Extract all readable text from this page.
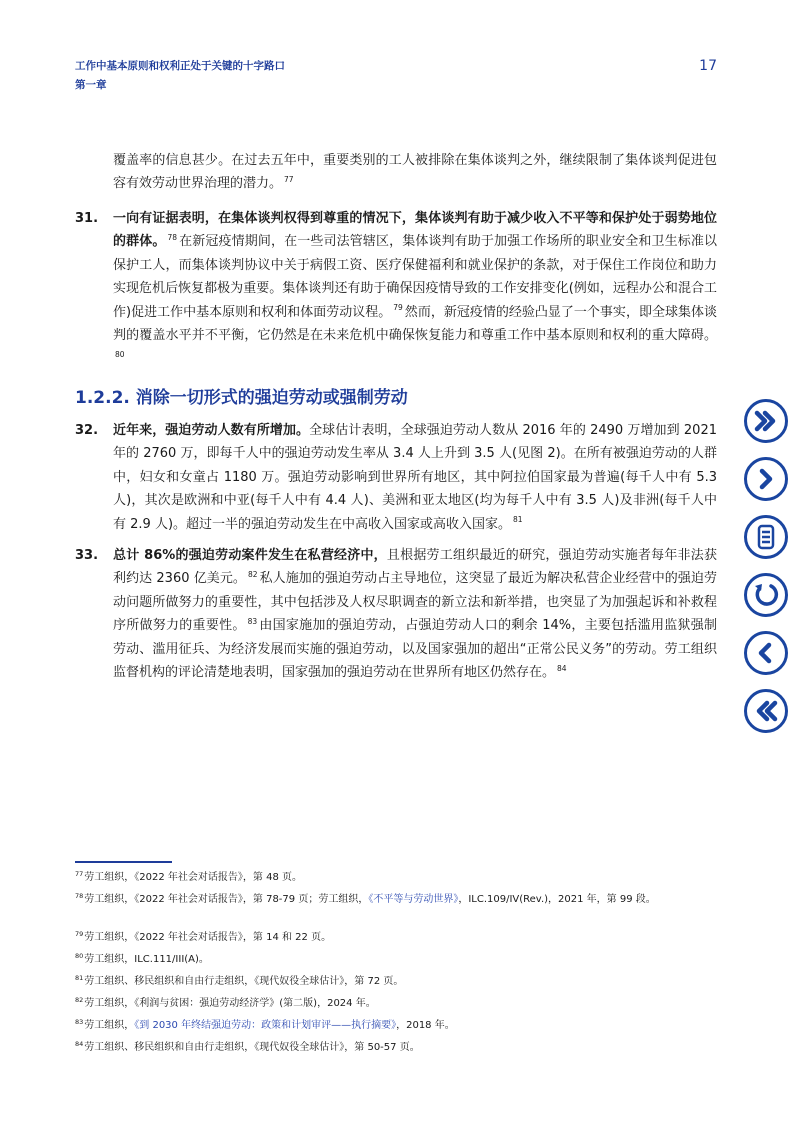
工作中基本原则和权利正处于关键的十字路口
第一章
17
覆盖率的信息甚少。在过去五年中，重要类别的工人被排除在集体谈判之外，继续限制了集体谈判促进包容有效劳动世界治理的潜力。 $^{77}$
31. 一向有证据表明，在集体谈判权得到尊重的情况下，集体谈判有助于减少收入不平等和保护处于弱势地位的群体。 $^{78}$ 在新冠疫情期间，在一些司法管辖区，集体谈判有助于加强工作场所的职业安全和卫生标准以保护工人，而集体谈判协议中关于病假工资、医疗保健福利和就业保护的条款，对于保住工作岗位和助力实现危机后恢复都极为重要。集体谈判还有助于确保因疫情导致的工作安排变化(例如，远程办公和混合工作)促进工作中基本原则和权利和体面劳动议程。 $^{79}$ 然而，新冠疫情的经验凸显了一个事实，即全球集体谈判的覆盖水平并不平衡，它仍然是在未来危机中确保恢复能力和尊重工作中基本原则和权利的重大障碍。$^{80}$
1.2.2. 消除一切形式的强迫劳动或强制劳动
32. 近年来，强迫劳动人数有所增加。全球估计表明，全球强迫劳动人数从 2016 年的 2490 万增加到 2021 年的 2760 万，即每千人中的强迫劳动发生率从 3.4 人上升到 3.5 人(见图 2)。在所有被强迫劳动的人群中，妇女和女童占 1180 万。强迫劳动影响到世界所有地区，其中阿拉伯国家最为普遍(每千人中有 5.3 人)，其次是欧洲和中亚(每千人中有 4.4 人)、美洲和亚太地区(均为每千人中有 3.5 人)及非洲(每千人中有 2.9 人)。超过一半的强迫劳动发生在中高收入国家或高收入国家。 $^{81}$
33. 总计 86%的强迫劳动案件发生在私营经济中，且根据劳工组织最近的研究，强迫劳动实施者每年非法获利约达 2360 亿美元。 $^{82}$ 私人施加的强迫劳动占主导地位，这突显了最近为解决私营企业经营中的强迫劳动问题所做努力的重要性，其中包括涉及人权尽职调查的新立法和新举措，也突显了为加强起诉和补救程序所做努力的重要性。 $^{83}$ 由国家施加的强迫劳动，占强迫劳动人口的剩余 14%，主要包括滥用监狱强制劳动、滥用征兵、为经济发展而实施的强迫劳动，以及国家强加的超出“正常公民义务”的劳动。劳工组织监督机构的评论清楚地表明，国家强加的强迫劳动在世界所有地区仍然存在。 $^{84}$
$^{77}$劳工组织，《2022 年社会对话报告》，第 48 页。
$^{78}$劳工组织，《2022 年社会对话报告》，第 78-79 页；劳工组织，《不平等与劳动世界》，ILC.109/IV(Rev.)，2021 年，第 99 段。
$^{79}$劳工组织，《2022 年社会对话报告》，第 14 和 22 页。
$^{80}$劳工组织，ILC.111/III(A)。
$^{81}$劳工组织、移民组织和自由行走组织，《现代奴役全球估计》，第 72 页。
$^{82}$劳工组织，《利润与贫困：强迫劳动经济学》(第二版)，2024 年。
$^{83}$劳工组织，《到 2030 年终结强迫劳动：政策和计划审评——执行摘要》，2018 年。
$^{84}$劳工组织、移民组织和自由行走组织，《现代奴役全球估计》，第 50-57 页。
